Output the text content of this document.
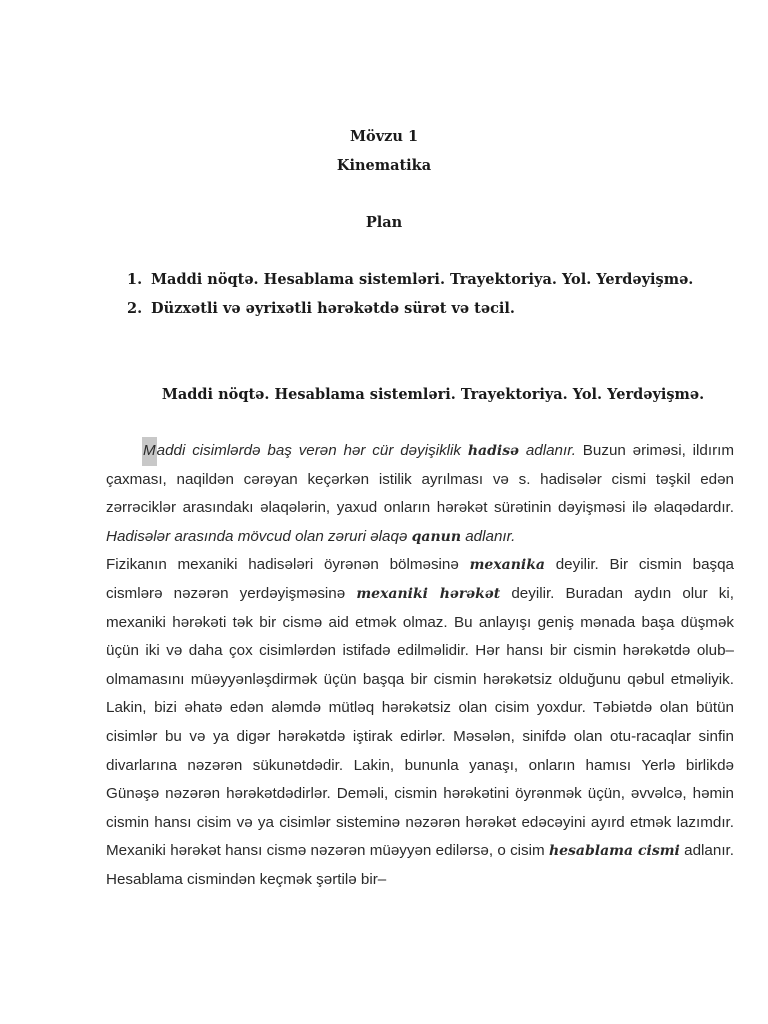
Mövzu 1
Kinematika
Plan
1. Maddi nöqtə. Hesablama sistemləri. Trayektoriya. Yol. Yerdəyişmə.
2. Düzxətli və əyrixətli hərəkətdə sürət və təcil.
Maddi nöqtə. Hesablama sistemləri. Trayektoriya. Yol. Yerdəyişmə.

Maddi cisimlərdə baş verən hər cür dəyişiklik hadisə adlanır. Buzun əriməsi, ildırım çaxması, naqildən cərəyan keçərkən istilik ayrılması və s. hadisələr cismi təşkil edən zərrəciklər arasındakı əlaqələrin, yaxud onların hərəkət sürətinin dəyişməsi ilə əlaqədardır. Hadisələr arasında mövcud olan zəruri əlaqə qanun adlanır.

Fizikanın mexaniki hadisələri öyrənən bölməsinə mexanika deyilir. Bir cismin başqa cismlərə nəzərən yerdəyişməsinə mexaniki hərəkət deyilir. Buradan aydın olur ki, mexaniki hərəkəti tək bir cismə aid etmək olmaz. Bu anlayışı geniş mənada başa düşmək üçün iki və daha çox cisimlərdən istifadə edilməlidir. Hər hansı bir cismin hərəkətdə olub–olmamasını müəyyənləşdirmək üçün başqa bir cismin hərəkətsiz olduğunu qəbul etməliyik. Lakin, bizi əhatə edən aləmdə mütləq hərəkətsiz olan cisim yoxdur. Təbiətdə olan bütün cisimlər bu və ya digər hərəkətdə iştirak edirlər. Məsələn, sinifdə olan otu-racaqlar sinfin divarlarına nəzərən sükunətdədir. Lakin, bununla yanaşı, onların hamısı Yerlə birlikdə Günəşə nəzərən hərəkətdədirlər. Deməli, cismin hərəkətini öyrənmək üçün, əvvəlcə, həmin cismin hansı cisim və ya cisimlər sisteminə nəzərən hərəkət edəcəyini ayırd etmək lazımdır. Mexaniki hərəkət hansı cismə nəzərən müəyyən edilərsə, o cisim hesablama cismi adlanır. Hesablama cismindən keçmək şərtilə bir–
